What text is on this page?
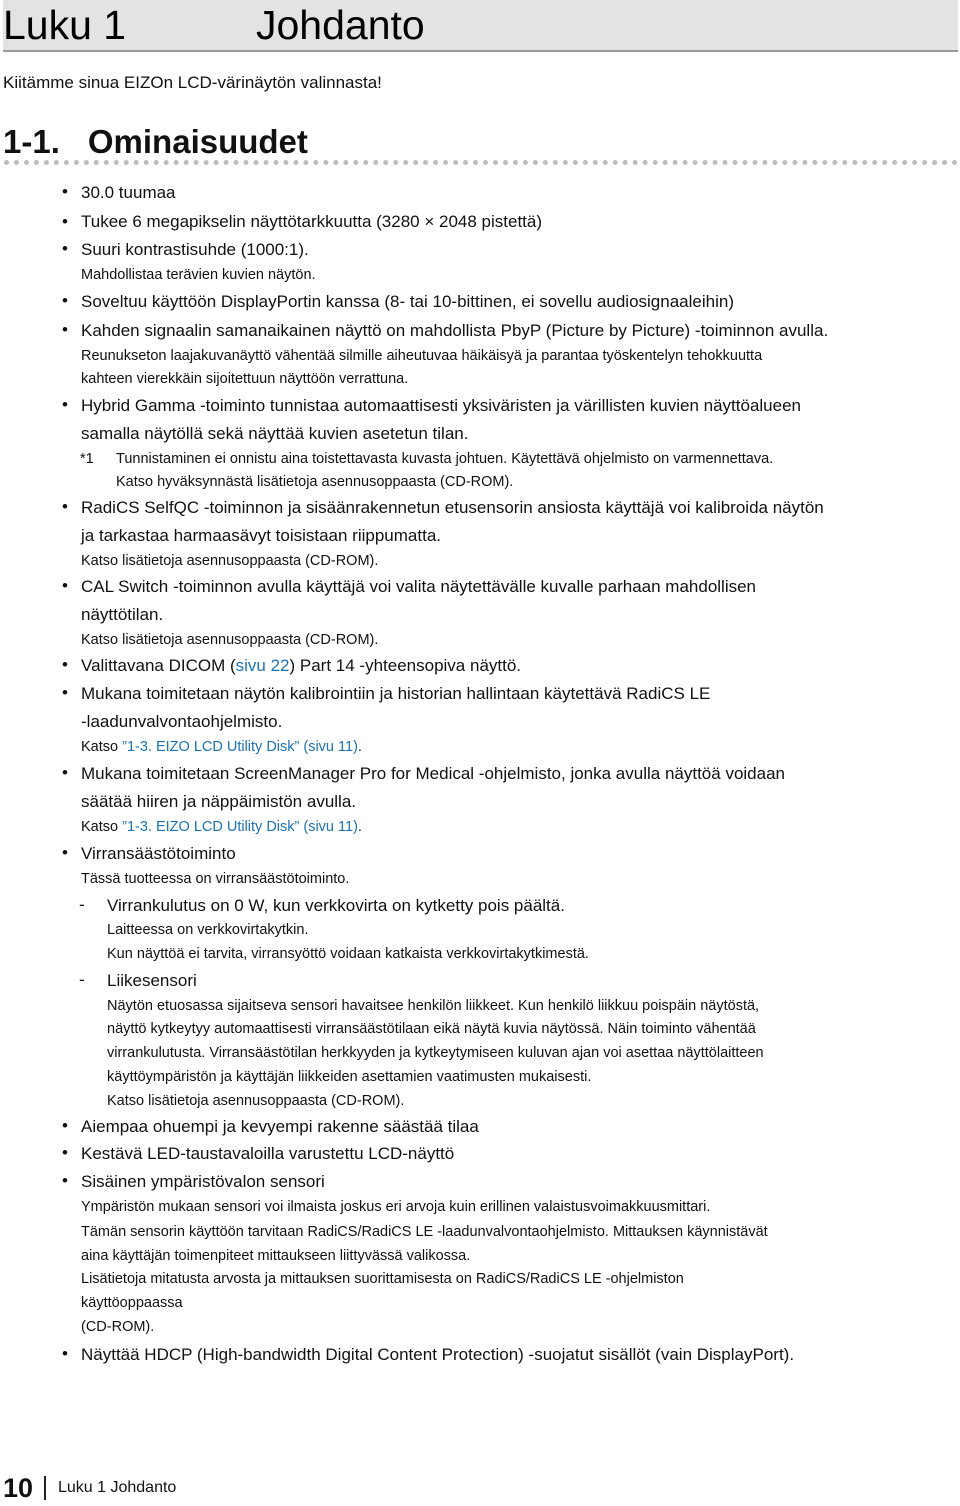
Luku 1	Johdanto
Kiitämme sinua EIZOn LCD-värinäytön valinnasta!
1-1. Ominaisuudet
•
•
•
•
•
•
•
•
•
•
•
•
•
•
•
•
30.0 tuumaa
Tukee 6 megapikselin näyttötarkkuutta (3280 × 2048 pistettä)
Suuri kontrastisuhde (1000:1).
Mahdollistaa terävien kuvien näytön.
Soveltuu käyttöön DisplayPortin kanssa (8- tai 10-bittinen, ei sovellu audiosignaaleihin)
Kahden signaalin samanaikainen näyttö on mahdollista PbyP (Picture by Picture) -toiminnon avulla.
Reunukseton laajakuvanäyttö vähentää silmille aiheutuvaa häikäisyä ja parantaa työskentelyn tehokkuutta
kahteen vierekkäin sijoitettuun näyttöön verrattuna.
Hybrid Gamma -toiminto tunnistaa automaattisesti yksiväristen ja värillisten kuvien näyttöalueen
samalla näytöllä sekä näyttää kuvien asetetun tilan.
*1 Tunnistaminen ei onnistu aina toistettavasta kuvasta johtuen. Käytettävä ohjelmisto on varmennettava.
Katso hyväksynnästä lisätietoja asennusoppaasta (CD-ROM).
RadiCS SelfQC -toiminnon ja sisäänrakennetun etusensorin ansiosta käyttäjä voi kalibroida näytön
ja tarkastaa harmaasävyt toisistaan riippumatta.
Katso lisätietoja asennusoppaasta (CD-ROM).
CAL Switch -toiminnon avulla käyttäjä voi valita näytettävälle kuvalle parhaan mahdollisen
näyttötilan.
Katso lisätietoja asennusoppaasta (CD-ROM).
Valittavana DICOM (sivu 22) Part 14 -yhteensopiva näyttö.
Mukana toimitetaan näytön kalibrointiin ja historian hallintaan käytettävä RadiCS LE
-laadunvalvontaohjelmisto.
Katso ”1-3. EIZO LCD Utility Disk” (sivu 11).
Mukana toimitetaan ScreenManager Pro for Medical -ohjelmisto, jonka avulla näyttöä voidaan
säätää hiiren ja näppäimistön avulla.
Katso ”1-3. EIZO LCD Utility Disk” (sivu 11).
Virransäästötoiminto
Tässä tuotteessa on virransäästötoiminto.
- Virrankulutus on 0 W, kun verkkovirta on kytketty pois päältä.
Laitteessa on verkkovirtakytkin.
Kun näyttöä ei tarvita, virransyöttö voidaan katkaista verkkovirtakytkimestä.
- Liikesensori
Näytön etuosassa sijaitseva sensori havaitsee henkilön liikkeet. Kun henkilö liikkuu poispäin näytöstä,
näyttö kytkeytyy automaattisesti virransäästötilaan eikä näytä kuvia näytössä. Näin toiminto vähentää
virrankulutusta. Virransäästötilan herkkyyden ja kytkeytymiseen kuluvan ajan voi asettaa näyttölaitteen
käyttöympäristön ja käyttäjän liikkeiden asettamien vaatimusten mukaisesti.
Katso lisätietoja asennusoppaasta (CD-ROM).
Aiempaa ohuempi ja kevyempi rakenne säästää tilaa
Kestävä LED-taustavaloilla varustettu LCD-näyttö
Sisäinen ympäristövalon sensori
Ympäristön mukaan sensori voi ilmaista joskus eri arvoja kuin erillinen valaistusvoimakkuusmittari.
Tämän sensorin käyttöön tarvitaan RadiCS/RadiCS LE -laadunvalvontaohjelmisto. Mittauksen käynnistävät
aina käyttäjän toimenpiteet mittaukseen liittyvässä valikossa.
Lisätietoja mitatusta arvosta ja mittauksen suorittamisesta on RadiCS/RadiCS LE -ohjelmiston
käyttöoppaassa
(CD-ROM).
Näyttää HDCP (High-bandwidth Digital Content Protection) -suojatut sisällöt (vain DisplayPort).
10 Luku 1 Johdanto
